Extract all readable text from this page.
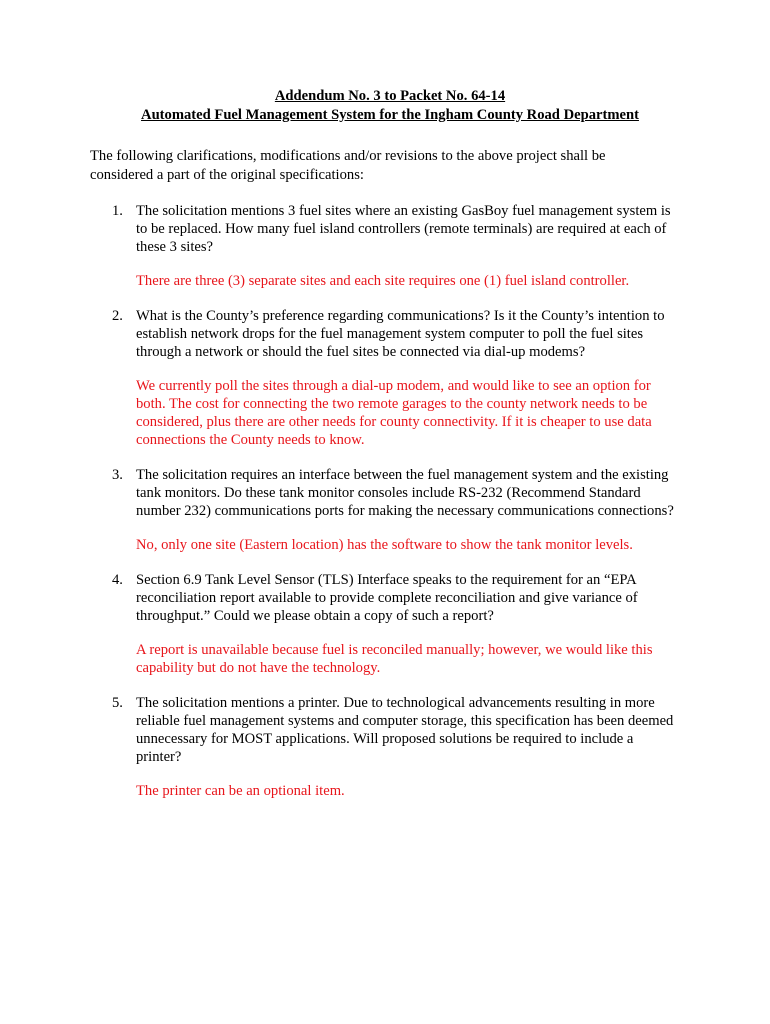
Addendum No. 3 to Packet No. 64-14

Automated Fuel Management System for the Ingham County Road Department

The following clarifications, modifications and/or revisions to the above project shall be considered a part of the original specifications:

1. The solicitation mentions 3 fuel sites where an existing GasBoy fuel management system is to be replaced. How many fuel island controllers (remote terminals) are required at each of these 3 sites?

There are three (3) separate sites and each site requires one (1) fuel island controller.

2. What is the County’s preference regarding communications? Is it the County’s intention to establish network drops for the fuel management system computer to poll the fuel sites through a network or should the fuel sites be connected via dial-up modems?

We currently poll the sites through a dial-up modem, and would like to see an option for both. The cost for connecting the two remote garages to the county network needs to be considered, plus there are other needs for county connectivity. If it is cheaper to use data connections the County needs to know.

3. The solicitation requires an interface between the fuel management system and the existing tank monitors. Do these tank monitor consoles include RS-232 (Recommend Standard number 232) communications ports for making the necessary communications connections?

No, only one site (Eastern location) has the software to show the tank monitor levels.

4. Section 6.9 Tank Level Sensor (TLS) Interface speaks to the requirement for an “EPA reconciliation report available to provide complete reconciliation and give variance of throughput.” Could we please obtain a copy of such a report?

A report is unavailable because fuel is reconciled manually; however, we would like this capability but do not have the technology.

5. The solicitation mentions a printer. Due to technological advancements resulting in more reliable fuel management systems and computer storage, this specification has been deemed unnecessary for MOST applications. Will proposed solutions be required to include a printer?

The printer can be an optional item.
